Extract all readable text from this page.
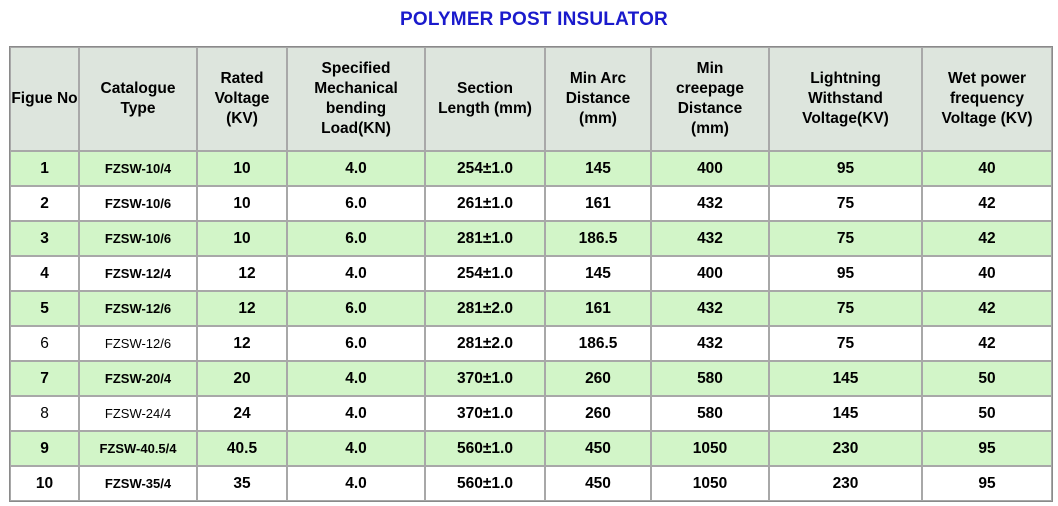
POLYMER POST INSULATOR
Figue No	Catalogue Type	Rated Voltage (KV)	Specified Mechanical bending Load(KN)	Section Length (mm)	Min Arc Distance (mm)	Min creepage Distance (mm)	Lightning Withstand Voltage(KV)	Wet power frequency Voltage (KV)
1	FZSW-10/4	10	4.0	254±1.0	145	400	95	40
2	FZSW-10/6	10	6.0	261±1.0	161	432	75	42
3	FZSW-10/6	10	6.0	281±1.0	186.5	432	75	42
4	FZSW-12/4	12	4.0	254±1.0	145	400	95	40
5	FZSW-12/6	12	6.0	281±2.0	161	432	75	42
6	FZSW-12/6	12	6.0	281±2.0	186.5	432	75	42
7	FZSW-20/4	20	4.0	370±1.0	260	580	145	50
8	FZSW-24/4	24	4.0	370±1.0	260	580	145	50
9	FZSW-40.5/4	40.5	4.0	560±1.0	450	1050	230	95
10	FZSW-35/4	35	4.0	560±1.0	450	1050	230	95
